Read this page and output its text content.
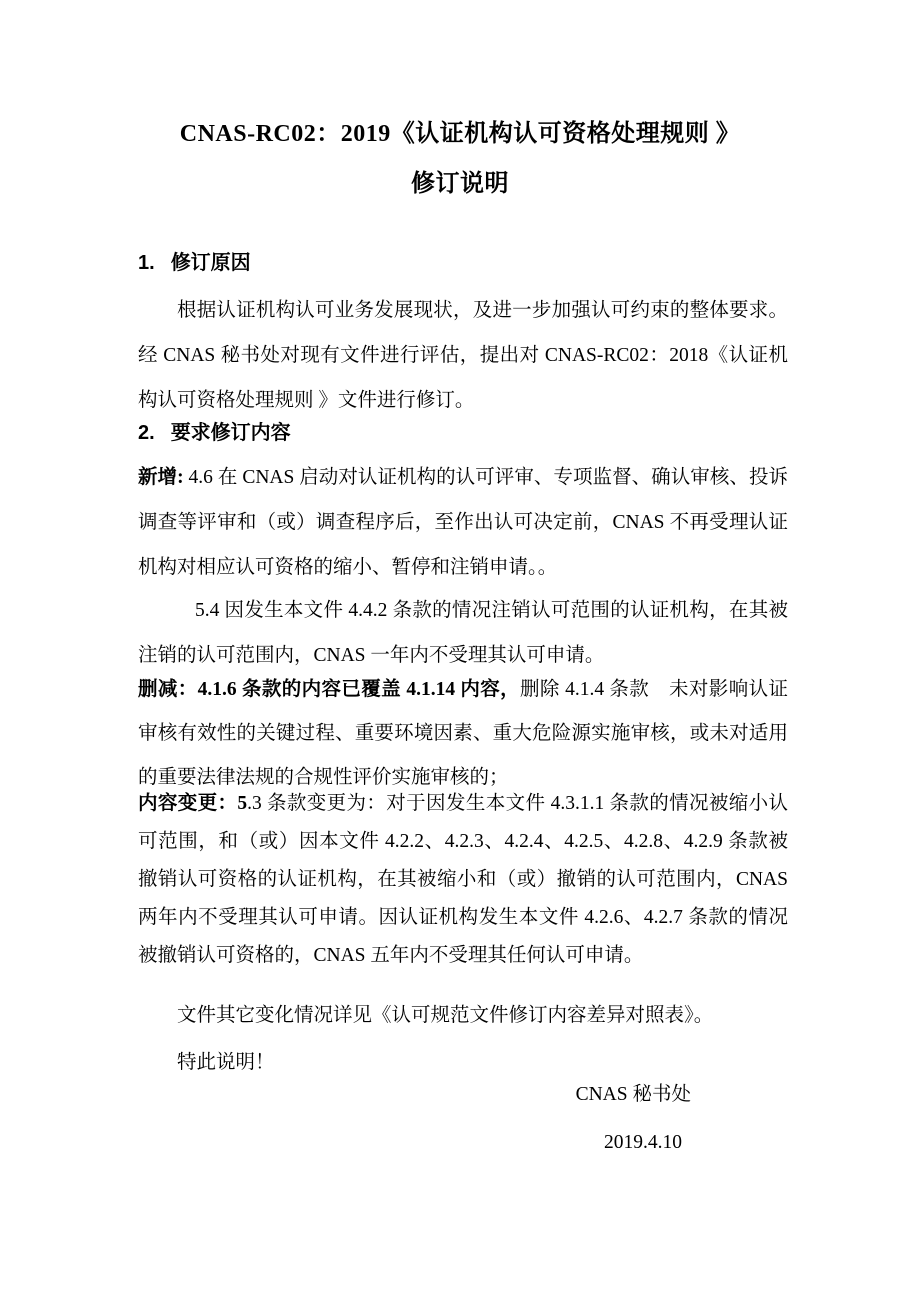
CNAS-RC02：2019《认证机构认可资格处理规则 》
修订说明
1. 修订原因

根据认证机构认可业务发展现状，及进一步加强认可约束的整体要求。经 CNAS 秘书处对现有文件进行评估，提出对 CNAS-RC02：2018《认证机构认可资格处理规则 》文件进行修订。

2. 要求修订内容

新增: 4.6 在 CNAS 启动对认证机构的认可评审、专项监督、确认审核、投诉调查等评审和（或）调查程序后，至作出认可决定前，CNAS 不再受理认证机构对相应认可资格的缩小、暂停和注销申请。。

5.4 因发生本文件 4.4.2 条款的情况注销认可范围的认证机构，在其被注销的认可范围内，CNAS 一年内不受理其认可申请。

删减：4.1.6 条款的内容已覆盖 4.1.14 内容，删除 4.1.4 条款　未对影响认证审核有效性的关键过程、重要环境因素、重大危险源实施审核，或未对适用的重要法律法规的合规性评价实施审核的；

内容变更：5.3 条款变更为：对于因发生本文件 4.3.1.1 条款的情况被缩小认可范围，和（或）因本文件 4.2.2、4.2.3、4.2.4、4.2.5、4.2.8、4.2.9 条款被撤销认可资格的认证机构，在其被缩小和（或）撤销的认可范围内，CNAS 两年内不受理其认可申请。因认证机构发生本文件 4.2.6、4.2.7 条款的情况被撤销认可资格的，CNAS 五年内不受理其任何认可申请。

文件其它变化情况详见《认可规范文件修订内容差异对照表》。

特此说明！

CNAS 秘书处
2019.4.10
